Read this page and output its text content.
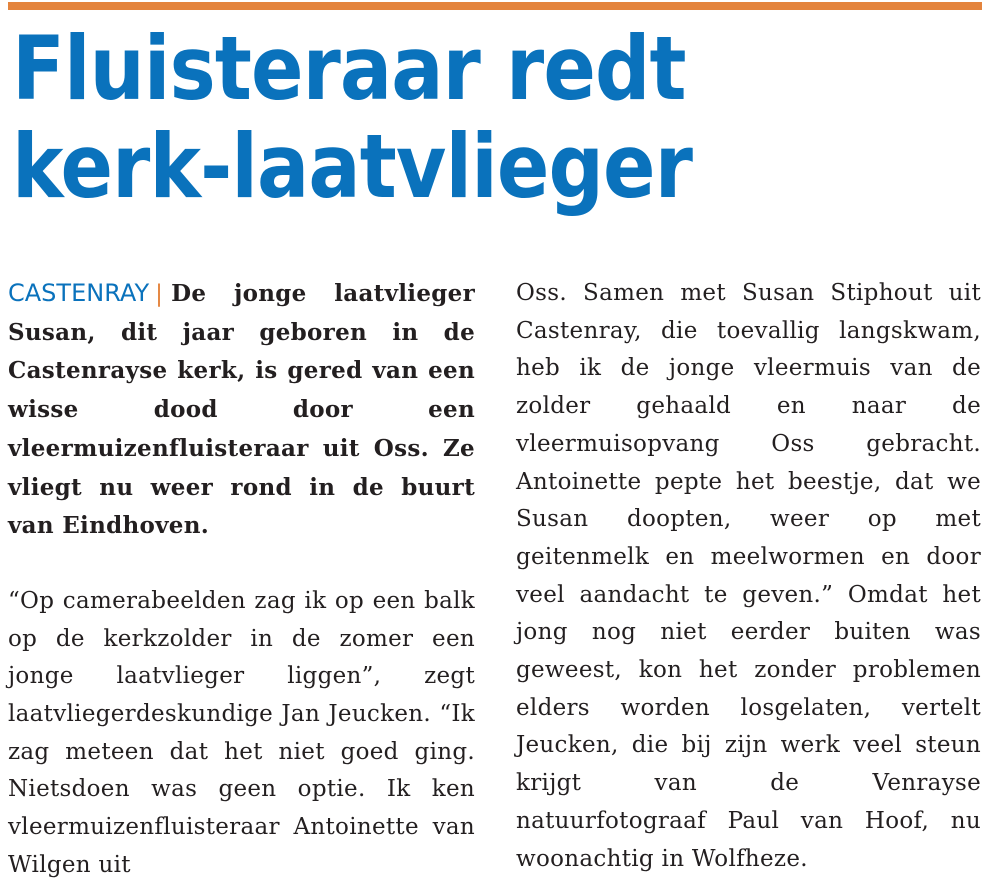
Fluisteraar redt
kerk-laatvlieger
CASTENRAY | De jonge laatvlieger Susan, dit jaar geboren in de Castenrayse kerk, is gered van een wisse dood door een vleermuizenfluisteraar uit Oss. Ze vliegt nu weer rond in de buurt van Eindhoven.
“Op camerabeelden zag ik op een balk op de kerkzolder in de zomer een jonge laatvlieger liggen”, zegt laatvliegerdeskundige Jan Jeucken. “Ik zag meteen dat het niet goed ging. Nietsdoen was geen optie. Ik ken vleermuizenfluisteraar Antoinette van Wilgen uit
Oss. Samen met Susan Stiphout uit Castenray, die toevallig langskwam, heb ik de jonge vleermuis van de zolder gehaald en naar de vleermuisopvang Oss gebracht. Antoinette pepte het beestje, dat we Susan doopten, weer op met geitenmelk en meelwormen en door veel aandacht te geven.” Omdat het jong nog niet eerder buiten was geweest, kon het zonder problemen elders worden losgelaten, vertelt Jeucken, die bij zijn werk veel steun krijgt van de Venrayse natuurfotograaf Paul van Hoof, nu woonachtig in Wolfheze.
